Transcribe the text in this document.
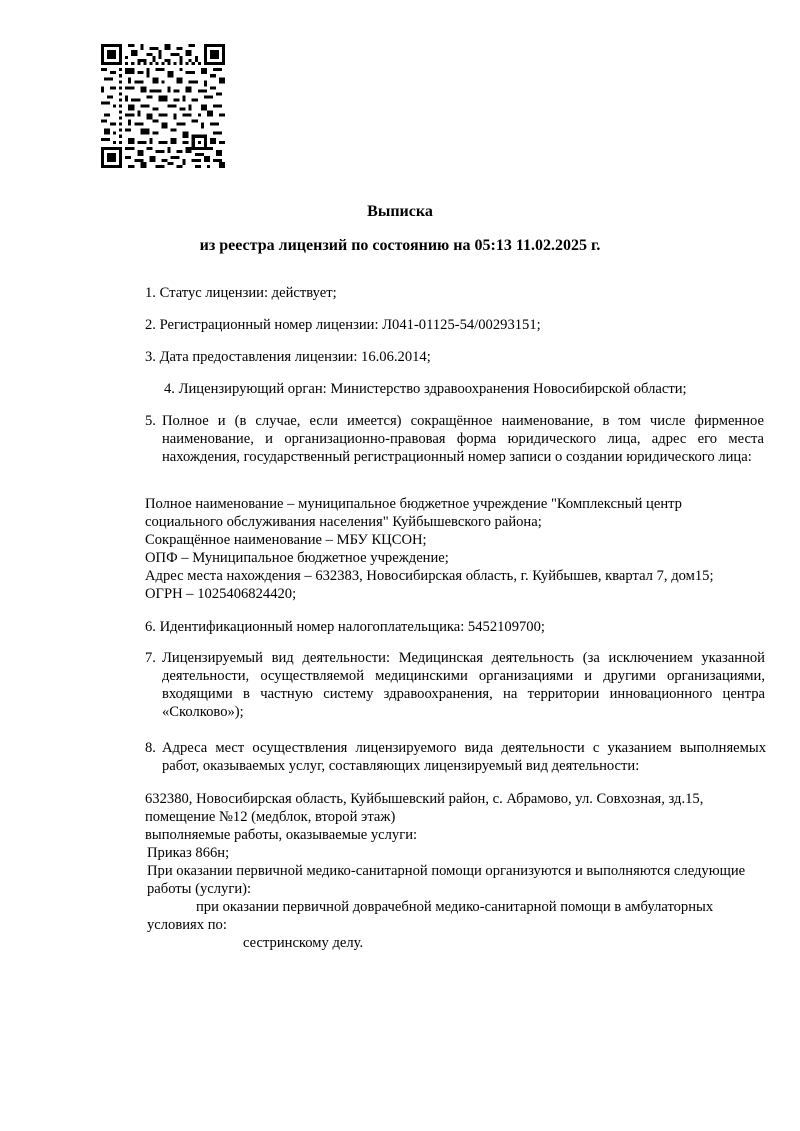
Выписка
из реестра лицензий по состоянию на 05:13 11.02.2025 г.
1. Статус лицензии: действует;
2. Регистрационный номер лицензии: Л041-01125-54/00293151;
3. Дата предоставления лицензии: 16.06.2014;
4. Лицензирующий орган: Министерство здравоохранения Новосибирской области;
5. Полное и (в случае, если имеется) сокращённое наименование, в том числе фирменное наименование, и организационно-правовая форма юридического лица, адрес его места нахождения, государственный регистрационный номер записи о создании юридического лица:
Полное наименование – муниципальное бюджетное учреждение "Комплексный центр
социального обслуживания населения" Куйбышевского района;
Сокращённое наименование – МБУ КЦСОН;
ОПФ – Муниципальное бюджетное учреждение;
Адрес места нахождения – 632383, Новосибирская область, г. Куйбышев, квартал 7, дом15;
ОГРН – 1025406824420;
6. Идентификационный номер налогоплательщика: 5452109700;
7. Лицензируемый вид деятельности: Медицинская деятельность (за исключением указанной деятельности, осуществляемой медицинскими организациями и другими организациями, входящими в частную систему здравоохранения, на территории инновационного центра «Сколково»);
8. Адреса мест осуществления лицензируемого вида деятельности с указанием выполняемых работ, оказываемых услуг, составляющих лицензируемый вид деятельности:
632380, Новосибирская область, Куйбышевский район, с. Абрамово, ул. Совхозная, зд.15,
помещение №12 (медблок, второй этаж)
выполняемые работы, оказываемые услуги:
Приказ 866н;
При оказании первичной медико-санитарной помощи организуются и выполняются следующие
работы (услуги):
при оказании первичной доврачебной медико-санитарной помощи в амбулаторных
условиях по:
сестринскому делу.
